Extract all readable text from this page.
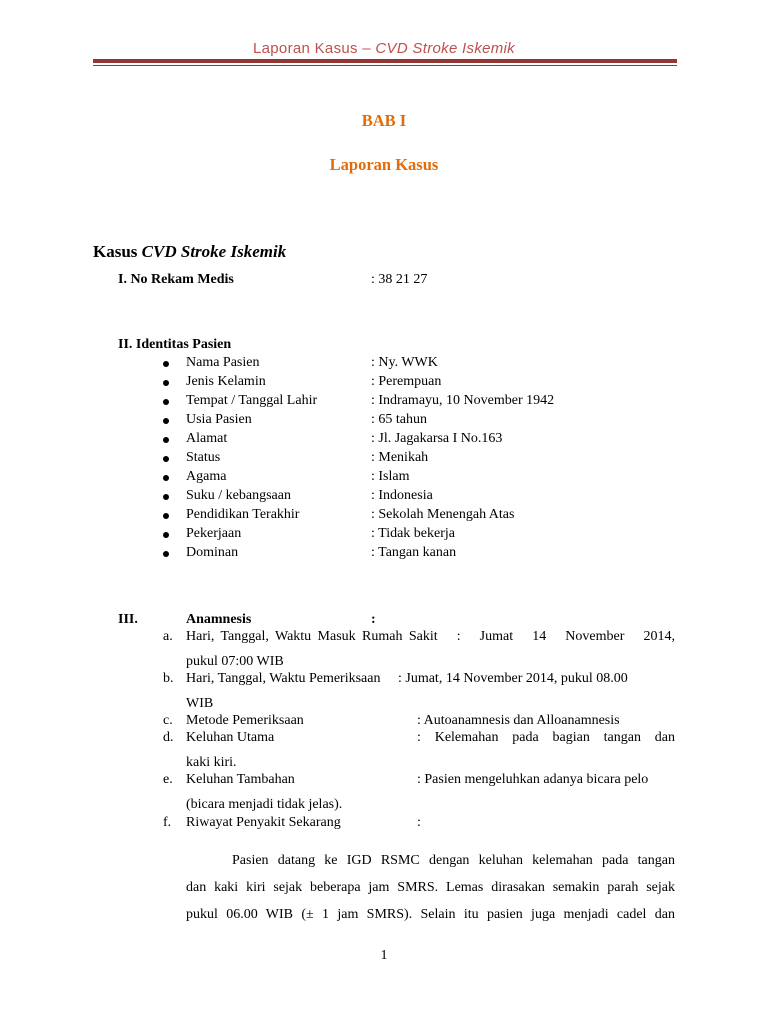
Laporan Kasus – CVD Stroke Iskemik
BAB I
Laporan Kasus
Kasus CVD Stroke Iskemik
I. No Rekam Medis	: 38 21 27
II. Identitas Pasien
Nama Pasien	: Ny. WWK
Jenis Kelamin	: Perempuan
Tempat / Tanggal Lahir	: Indramayu, 10 November 1942
Usia Pasien	: 65 tahun
Alamat	: Jl. Jagakarsa I No.163
Status	: Menikah
Agama	: Islam
Suku / kebangsaan	: Indonesia
Pendidikan Terakhir	: Sekolah Menengah Atas
Pekerjaan	: Tidak bekerja
Dominan	: Tangan kanan
III.	Anamnesis	:
a. Hari, Tanggal, Waktu Masuk Rumah Sakit   :   Jumat   14   November   2014,
pukul 07:00 WIB
b. Hari, Tanggal, Waktu Pemeriksaan     : Jumat, 14 November 2014, pukul 08.00
WIB
c. Metode Pemeriksaan	: Autoanamnesis dan Alloanamnesis
d. Keluhan Utama	:  Kelemahan  pada  bagian  tangan  dan
kaki kiri.
e. Keluhan Tambahan	: Pasien mengeluhkan adanya bicara pelo
(bicara menjadi tidak jelas).
f. Riwayat Penyakit Sekarang	:
Pasien datang ke IGD RSMC dengan keluhan kelemahan pada tangan
dan kaki kiri sejak beberapa jam SMRS. Lemas dirasakan semakin parah sejak
pukul 06.00 WIB (± 1 jam SMRS). Selain itu pasien juga menjadi cadel dan
1
